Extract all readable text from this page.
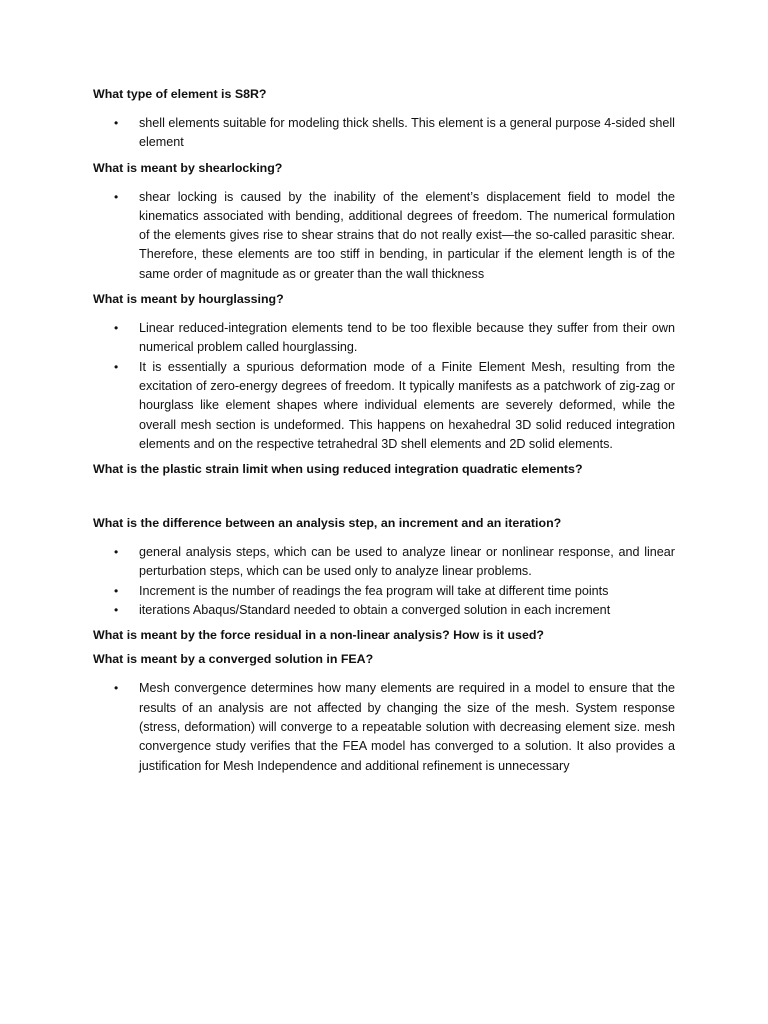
What type of element is S8R?

• shell elements suitable for modeling thick shells. This element is a general purpose 4-sided shell element

What is meant by shearlocking?

• shear locking is caused by the inability of the element’s displacement field to model the kinematics associated with bending, additional degrees of freedom. The numerical formulation of the elements gives rise to shear strains that do not really exist—the so-called parasitic shear. Therefore, these elements are too stiff in bending, in particular if the element length is of the same order of magnitude as or greater than the wall thickness

What is meant by hourglassing?

• Linear reduced-integration elements tend to be too flexible because they suffer from their own numerical problem called hourglassing.
• It is essentially a spurious deformation mode of a Finite Element Mesh, resulting from the excitation of zero-energy degrees of freedom. It typically manifests as a patchwork of zig-zag or hourglass like element shapes where individual elements are severely deformed, while the overall mesh section is undeformed. This happens on hexahedral 3D solid reduced integration elements and on the respective tetrahedral 3D shell elements and 2D solid elements.

What is the plastic strain limit when using reduced integration quadratic elements?

What is the difference between an analysis step, an increment and an iteration?

• general analysis steps, which can be used to analyze linear or nonlinear response, and linear perturbation steps, which can be used only to analyze linear problems.
• Increment is the number of readings the fea program will take at different time points
• iterations Abaqus/Standard needed to obtain a converged solution in each increment

What is meant by the force residual in a non-linear analysis? How is it used?

What is meant by a converged solution in FEA?

• Mesh convergence determines how many elements are required in a model to ensure that the results of an analysis are not affected by changing the size of the mesh. System response (stress, deformation) will converge to a repeatable solution with decreasing element size. mesh convergence study verifies that the FEA model has converged to a solution. It also provides a justification for Mesh Independence and additional refinement is unnecessary
